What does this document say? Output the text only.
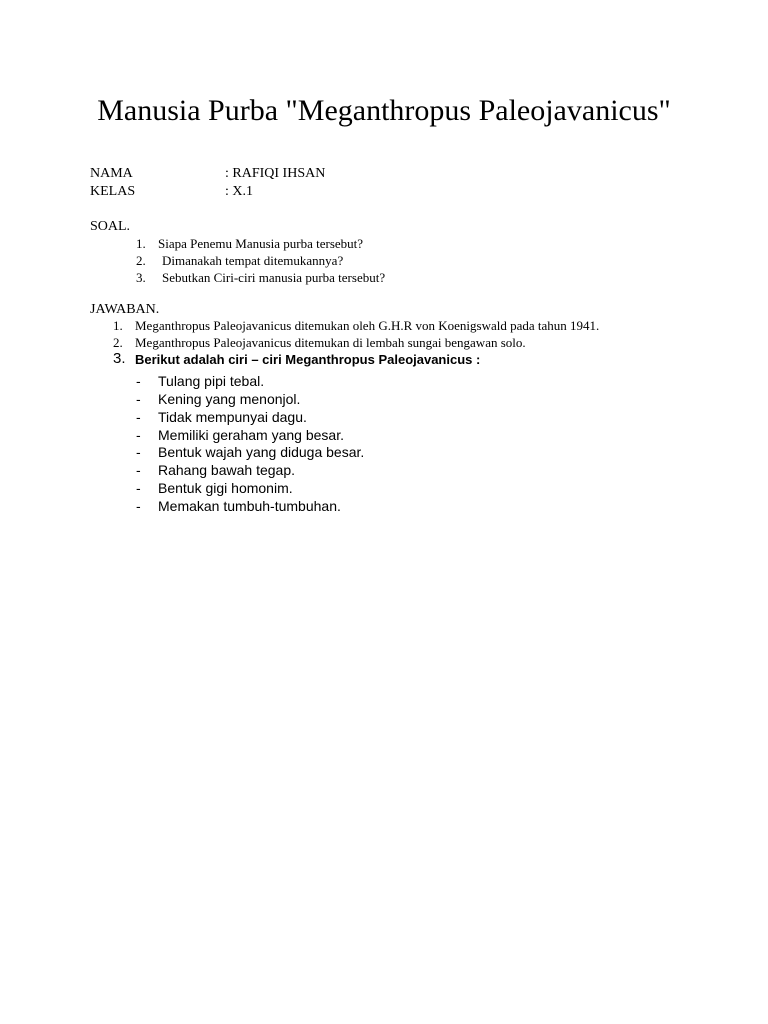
Manusia Purba "Meganthropus Paleojavanicus"
NAMA	: RAFIQI IHSAN
KELAS	: X.1
SOAL.
1. Siapa Penemu Manusia purba tersebut?
2. Dimanakah tempat ditemukannya?
3. Sebutkan Ciri-ciri manusia purba tersebut?
JAWABAN.
1. Meganthropus Paleojavanicus ditemukan oleh G.H.R von Koenigswald pada tahun 1941.
2. Meganthropus Paleojavanicus ditemukan di lembah sungai bengawan solo.
3. Berikut adalah ciri – ciri Meganthropus Paleojavanicus :
- Tulang pipi tebal.
- Kening yang menonjol.
- Tidak mempunyai dagu.
- Memiliki geraham yang besar.
- Bentuk wajah yang diduga besar.
- Rahang bawah tegap.
- Bentuk gigi homonim.
- Memakan tumbuh-tumbuhan.
